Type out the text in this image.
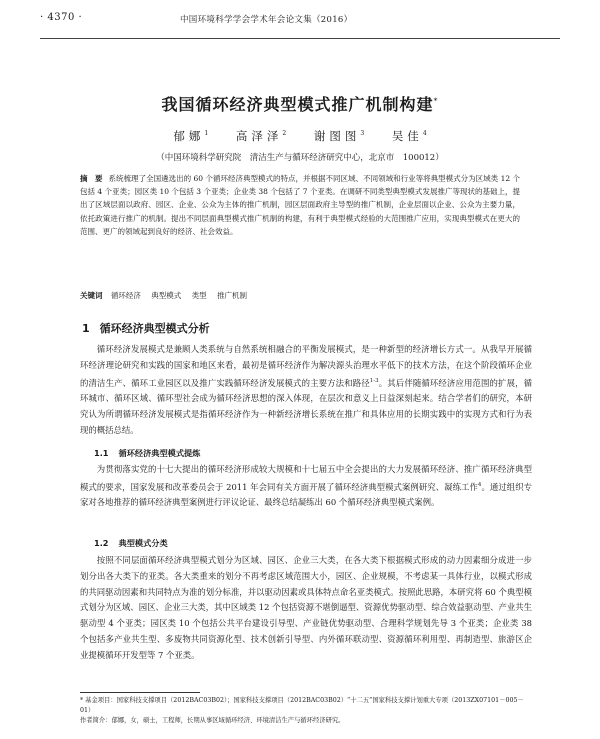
· 4370 ·	中国环境科学学会学术年会论文集（2016）
我国循环经济典型模式推广机制构建*
郁娜$^1$ 高泽泽$^2$ 谢图图$^3$ 吴佳$^4$
（中国环境科学研究院　清洁生产与循环经济研究中心，北京市　100012）
摘　要 系统梳理了全国遴选出的 60 个循环经济典型模式的特点，并根据不同区域、不同领域和行业等将典型模式分为区域类 12 个包括 4 个亚类；园区类 10 个包括 3 个亚类；企业类 38 个包括了 7 个亚类。在调研不同类型典型模式发展推广等现状的基础上，提出了区域层面以政府、园区、企业、公众为主体的推广机制，园区层面政府主导型的推广机制，企业层面以企业、公众为主要力量，依托政策进行推广的机制。提出不同层面典型模式推广机制的构建，有利于典型模式经验的大范围推广应用，实现典型模式在更大的范围、更广的领域起到良好的经济、社会效益。
关键词 循环经济 典型模式 类型 推广机制
1 循环经济典型模式分析
循环经济发展模式是兼顾人类系统与自然系统相融合的平衡发展模式，是一种新型的经济增长方式一。从我早开展循环经济理论研究和实践的国家和地区来看，最初是循环经济作为解决源头治理水平低下的技术方法，在这个阶段循环企业的清洁生产、循环工业园区以及推广实践循环经济发展模式的主要方法和路径$^{1-3}$。其后伴随循环经济应用范围的扩展，循环城市、循环区域、循环型社会成为循环经济思想的深入体现，在层次和意义上日益深刻起来。结合学者们的研究，本研究认为所谓循环经济发展模式是指循环经济作为一种新经济增长系统在推广和具体应用的长期实践中的实现方式和行为表现的概括总结。
1.1 循环经济典型模式提炼
为贯彻落实党的十七大提出的循环经济形成较大规模和十七届五中全会提出的大力发展循环经济、推广循环经济典型模式的要求，国家发展和改革委员会于 2011 年会同有关方面开展了循环经济典型模式案例研究、凝练工作$^4$。通过组织专家对各地推荐的循环经济典型案例进行评议论证、最终总结凝练出 60 个循环经济典型模式案例。
1.2 典型模式分类
按照不同层面循环经济典型模式划分为区域、园区、企业三大类，在各大类下根据模式形成的动力因素细分成进一步划分出各大类下的亚类。各大类重来的划分不再考虑区域范围大小，园区、企业规模，不考虑某一具体行业，以模式形成的共同驱动因素和共同特点为准的划分标准，并以驱动因素或具体特点命名亚类模式。按照此思路，本研究将 60 个典型模式划分为区域、园区、企业三大类，其中区域类 12 个包括资源不堪倒逼型、资源优势驱动型、综合效益驱动型、产业共生驱动型 4 个亚类；园区类 10 个包括公共平台建设引导型、产业链优势驱动型、合理科学规划先导 3 个亚类；企业类 38 个包括多产业共生型、多废物共同资源化型、技术创新引导型、内外循环联动型、资源循环利用型、再制造型、旅游区企业提模循环开发型等 7 个亚类。
* 基金项目：国家科技支撑项目（2012BAC03B02）；国家科技支撑项目（2012BAC03B02）“十二五”国家科技支撑计划重大专项（2013ZX07101－005－01）
作者简介：郁娜，女，硕士，工程师，长期从事区域循环经济、环境清洁生产与循环经济研究。
